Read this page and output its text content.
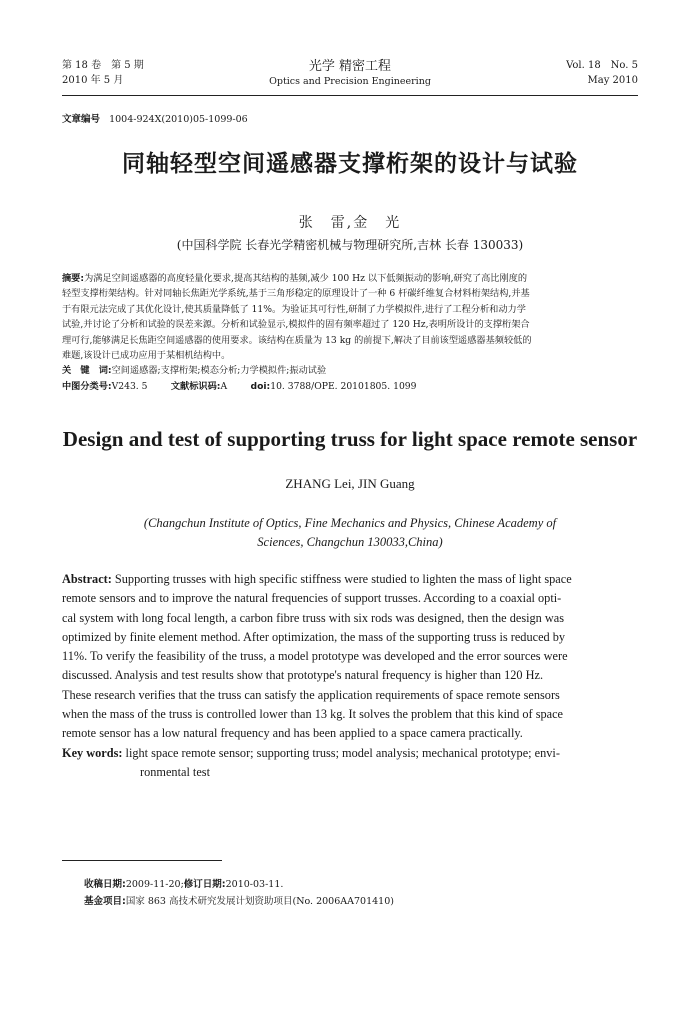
第 18 卷　第 5 期
2010 年 5 月
光学 精密工程
Optics and Precision Engineering
Vol. 18　No. 5
May 2010
文章编号 1004-924X(2010)05-1099-06
同轴轻型空间遥感器支撑桁架的设计与试验
张　雷,金　光
(中国科学院 长春光学精密机械与物理研究所,吉林 长春 130033)
摘要:为满足空间遥感器的高度轻量化要求,提高其结构的基频,减少 100 Hz 以下低频振动的影响,研究了高比刚度的
轻型支撑桁架结构。针对同轴长焦距光学系统,基于三角形稳定的原理设计了一种 6 杆碳纤维复合材料桁架结构,并基
于有限元法完成了其优化设计,使其质量降低了 11%。为验证其可行性,研制了力学模拟件,进行了工程分析和动力学
试验,并讨论了分析和试验的误差来源。分析和试验显示,模拟件的固有频率超过了 120 Hz,表明所设计的支撑桁架合
理可行,能够满足长焦距空间遥感器的使用要求。该结构在质量为 13 kg 的前提下,解决了目前该型遥感器基频较低的
难题,该设计已成功应用于某相机结构中。
关　键　词:空间遥感器;支撑桁架;模态分析;力学模拟件;振动试验
中图分类号:V243. 5	文献标识码:A	doi:10. 3788/OPE. 20101805. 1099
Design and test of supporting truss for light space remote sensor
ZHANG Lei, JIN Guang
(Changchun Institute of Optics, Fine Mechanics and Physics, Chinese Academy of
Sciences, Changchun 130033,China)
Abstract: Supporting trusses with high specific stiffness were studied to lighten the mass of light space
remote sensors and to improve the natural frequencies of support trusses. According to a coaxial opti-
cal system with long focal length, a carbon fibre truss with six rods was designed, then the design was
optimized by finite element method. After optimization, the mass of the supporting truss is reduced by
11%. To verify the feasibility of the truss, a model prototype was developed and the error sources were
discussed. Analysis and test results show that prototype's natural frequency is higher than 120 Hz.
These research verifies that the truss can satisfy the application requirements of space remote sensors
when the mass of the truss is controlled lower than 13 kg. It solves the problem that this kind of space
remote sensor has a low natural frequency and has been applied to a space camera practically.
Key words: light space remote sensor; supporting truss; model analysis; mechanical prototype; envi-
ronmental test
收稿日期:2009-11-20;修订日期:2010-03-11.
基金项目:国家 863 高技术研究发展计划资助项目(No. 2006AA701410)
